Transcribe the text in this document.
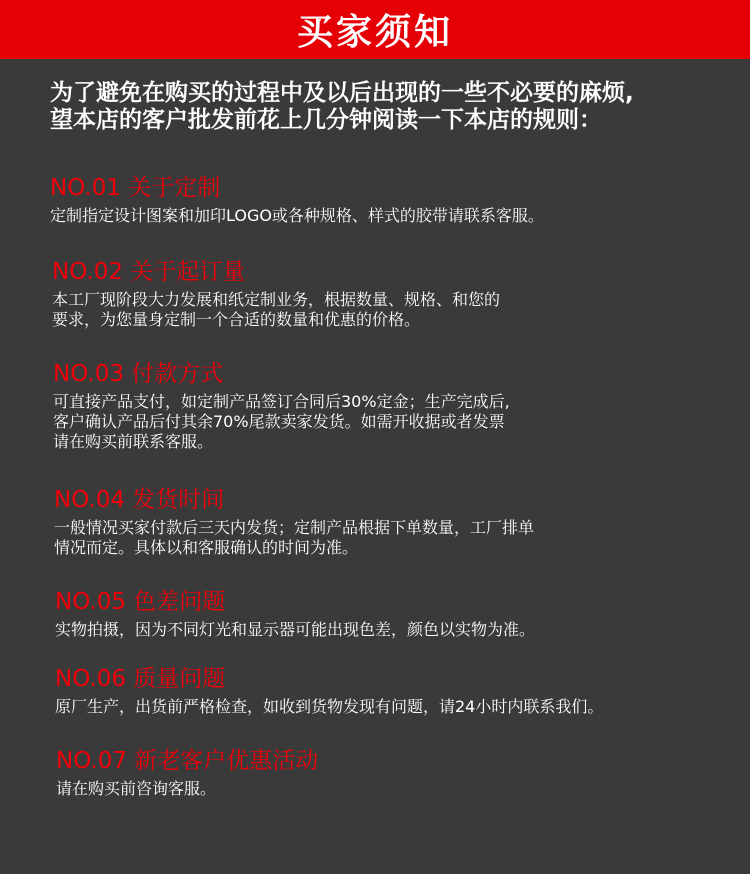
买家须知
为了避免在购买的过程中及以后出现的一些不必要的麻烦,
望本店的客户批发前花上几分钟阅读一下本店的规则：
NO.01 关于定制
定制指定设计图案和加印LOGO或各种规格、样式的胶带请联系客服。
NO.02 关于起订量
本工厂现阶段大力发展和纸定制业务，根据数量、规格、和您的
要求，为您量身定制一个合适的数量和优惠的价格。
NO.03 付款方式
可直接产品支付，如定制产品签订合同后30%定金；生产完成后,
客户确认产品后付其余70%尾款卖家发货。如需开收据或者发票
请在购买前联系客服。
NO.04 发货时间
一般情况买家付款后三天内发货；定制产品根据下单数量，工厂排单
情况而定。具体以和客服确认的时间为准。
NO.05 色差问题
实物拍摄，因为不同灯光和显示器可能出现色差，颜色以实物为准。
NO.06 质量问题
原厂生产，出货前严格检查，如收到货物发现有问题，请24小时内联系我们。
NO.07 新老客户优惠活动
请在购买前咨询客服。
